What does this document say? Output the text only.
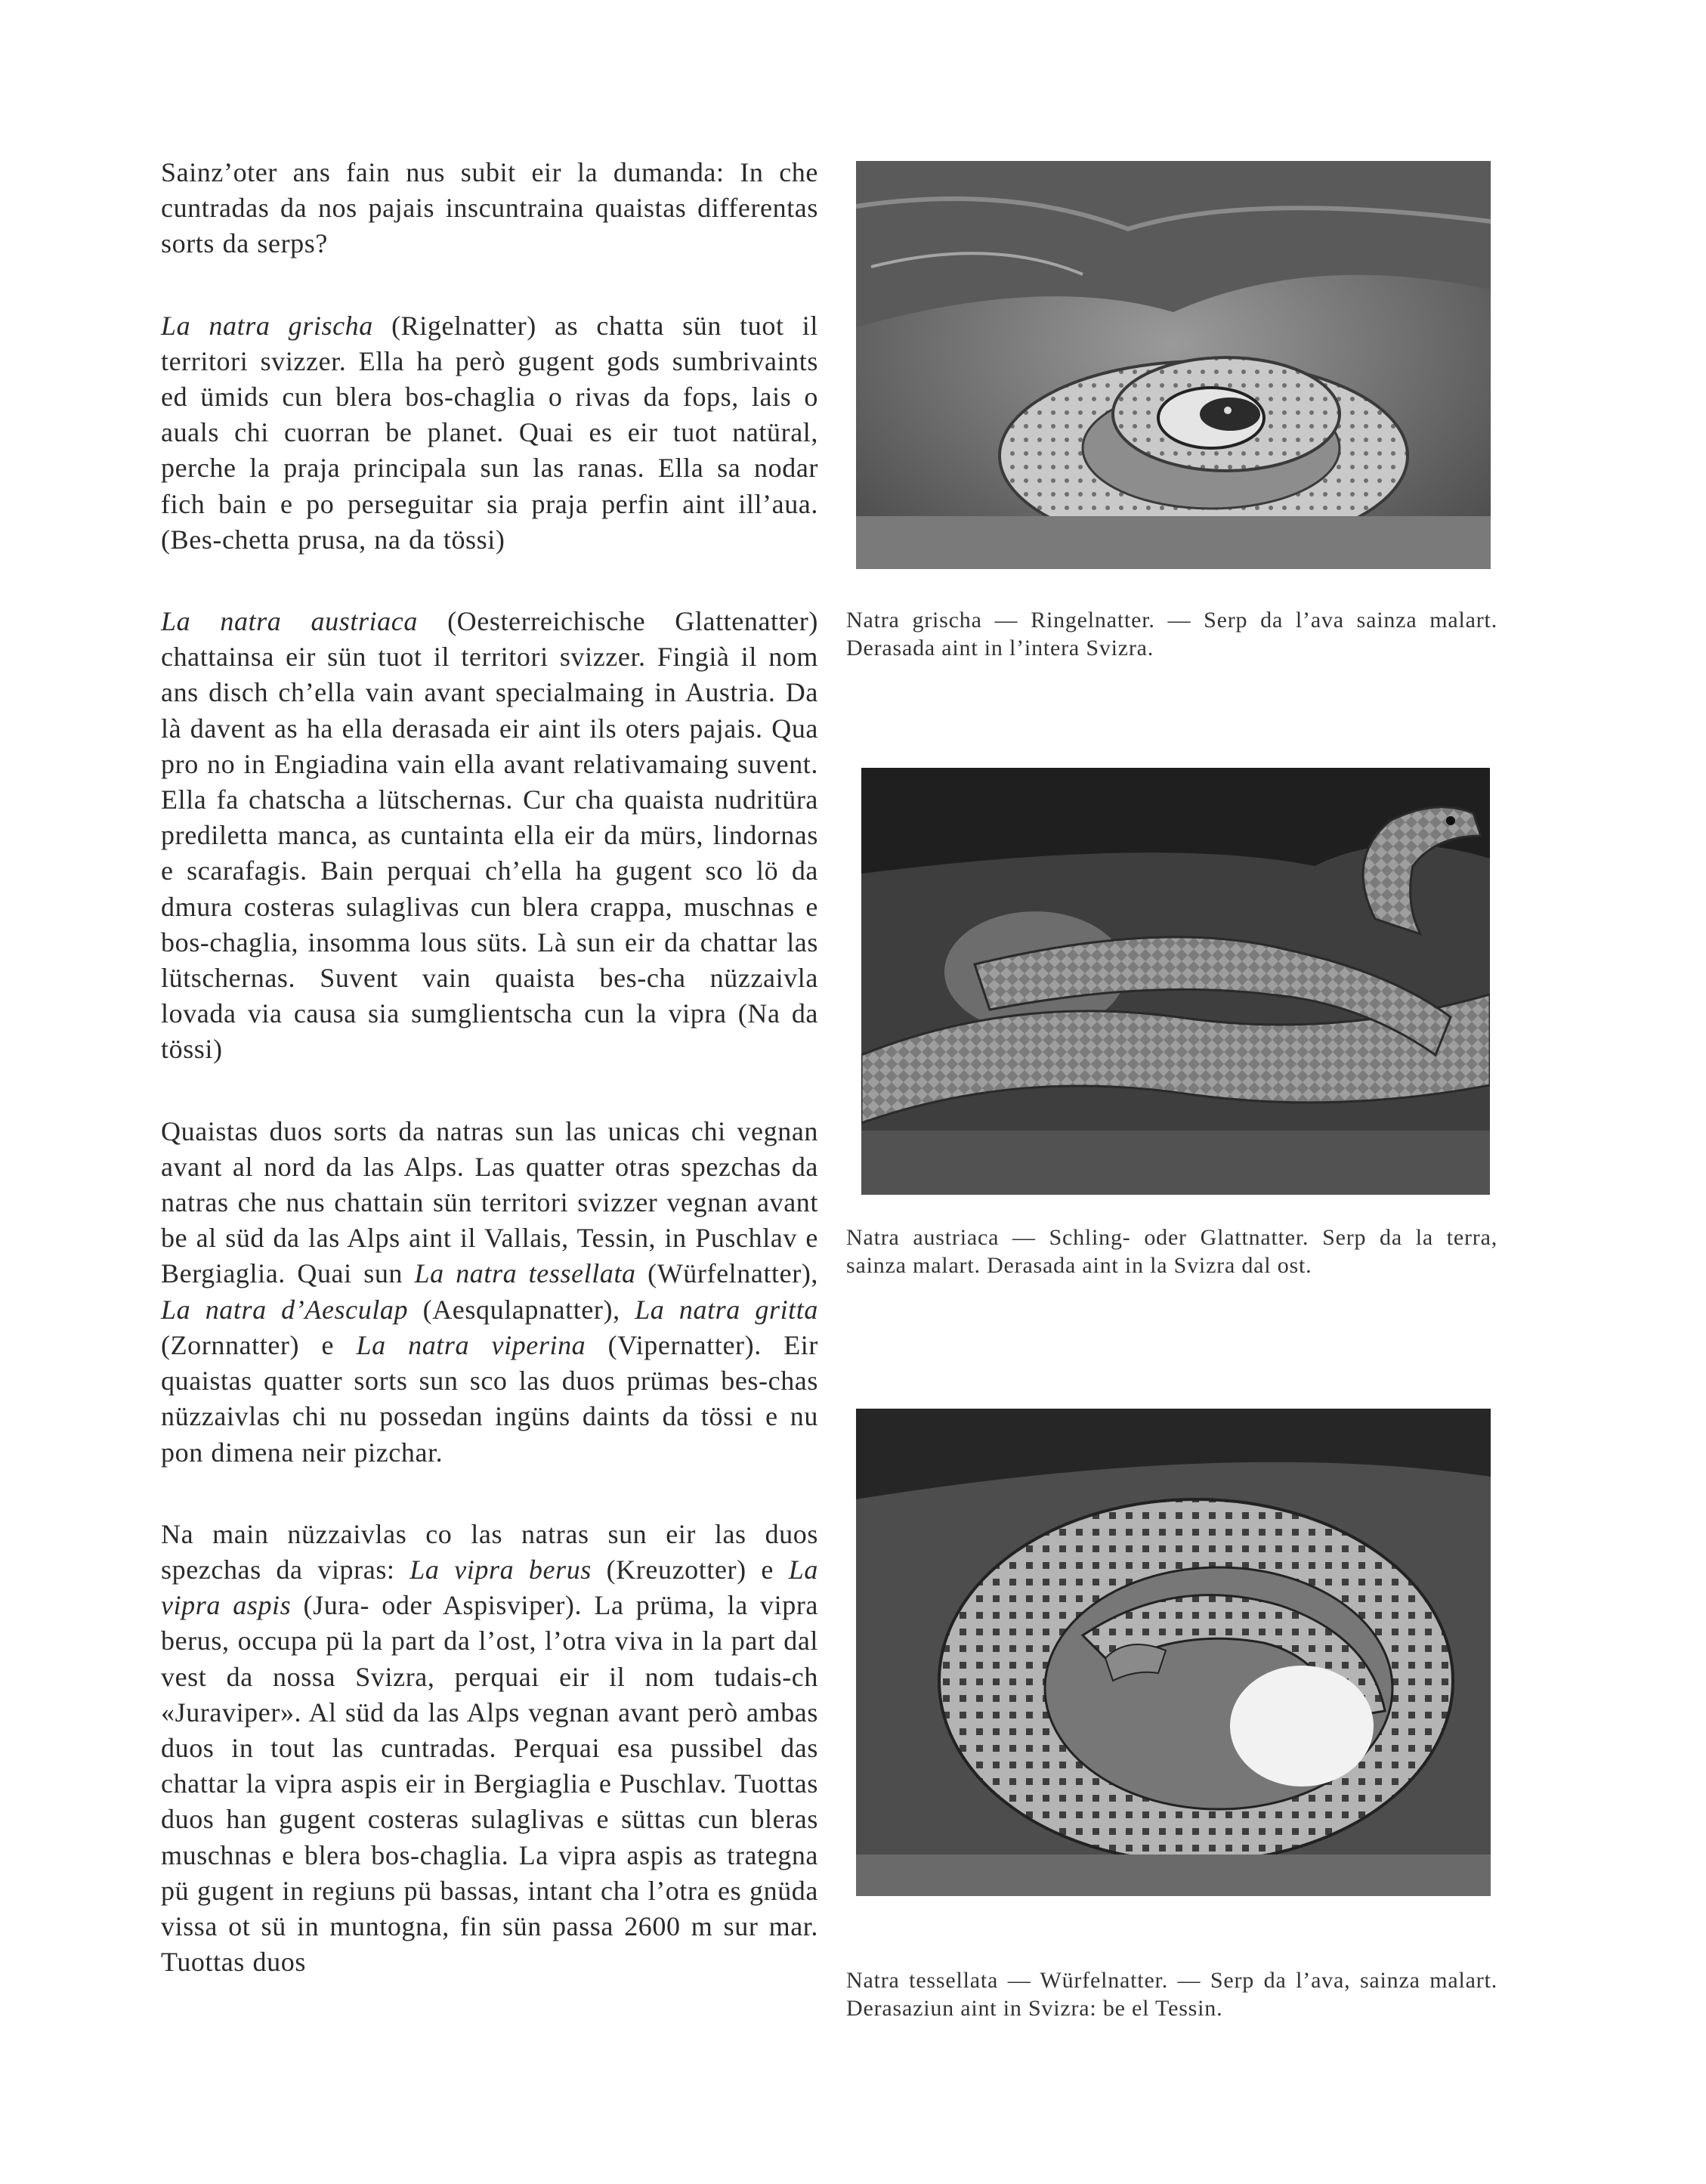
Sainz’oter ans fain nus subit eir la dumanda: In che cuntradas da nos pajais inscuntraina quaistas differentas sorts da serps?

La natra grischa (Rigelnatter) as chatta sün tuot il territori svizzer. Ella ha però gugent gods sumbrivaints ed ümids cun blera bos-chaglia o rivas da fops, lais o auals chi cuorran be planet. Quai es eir tuot natüral, perche la praja principala sun las ranas. Ella sa nodar fich bain e po perseguitar sia praja perfin aint ill’aua. (Bes-chetta prusa, na da tössi)

La natra austriaca (Oesterreichische Glattenatter) chattainsa eir sün tuot il territori svizzer. Fingià il nom ans disch ch’ella vain avant specialmaing in Austria. Da là davent as ha ella derasada eir aint ils oters pajais. Qua pro no in Engiadina vain ella avant relativamaing suvent. Ella fa chatscha a lütschernas. Cur cha quaista nudritüra predilett​a manca, as cuntainta ella eir da mürs, lindornas e scarafagis. Bain perquai ch’ella ha gugent sco lö da dmura costeras sulaglivas cun blera crappa, muschnas e bos-chaglia, insomma lous süts. Là sun eir da chattar las lütschernas. Suvent vain quaista bes-cha nüzzaivla lovada via causa sia sumglientscha cun la vipra (Na da tössi)

Quaistas duos sorts da natras sun las unicas chi vegnan avant al nord da las Alps. Las quatter otras spezchas da natras che nus chattain sün territori svizzer vegnan avant be al süd da las Alps aint il Vallais, Tessin, in Puschlav e Bergiaglia. Quai sun La natra tessellata (Würfelnatter), La natra d’Aesculap (Aesqulapnatter), La natra gritta (Zornnatter) e La natra viperina (Vipernatter). Eir quaistas quatter sorts sun sco las duos prümas bes-chas nüzzaivlas chi nu possedan ingüns daints da tössi e nu pon dimena neir pizchar.

Na main nüzzaivlas co las natras sun eir las duos spezchas da vipras: La vipra berus (Kreuzotter) e La vipra aspis (Jura- oder Aspisviper). La prüma, la vipra berus, occupa pü la part da l’ost, l’otra viva in la part dal vest da nossa Svizra, perquai eir il nom tudais-ch «Juraviper». Al süd da las Alps vegnan avant però ambas duos in tout las cuntradas. Perquai esa pussibel das chattar la vipra aspis eir in Bergiaglia e Puschlav. Tuottas duos han gugent costeras sulaglivas e süttas cun bleras muschnas e blera bos-chaglia. La vipra aspis as trategna pü gugent in regiuns pü bassas, intant cha l’otra es gnüda vissa ot sü in muntogna, fin sün passa 2600 m sur mar. Tuottas duos

Natra grischa — Ringelnatter. — Serp da l’ava sainza malart. Derasada aint in l’intera Svizra.

Natra austriaca — Schling- oder Glattnatter. Serp da la terra, sainza malart. Derasada aint in la Svizra dal ost.

Natra tessellata — Würfelnatter. — Serp da l’ava, sainza malart. Derasaziun aint in Svizra: be el Tessin.
